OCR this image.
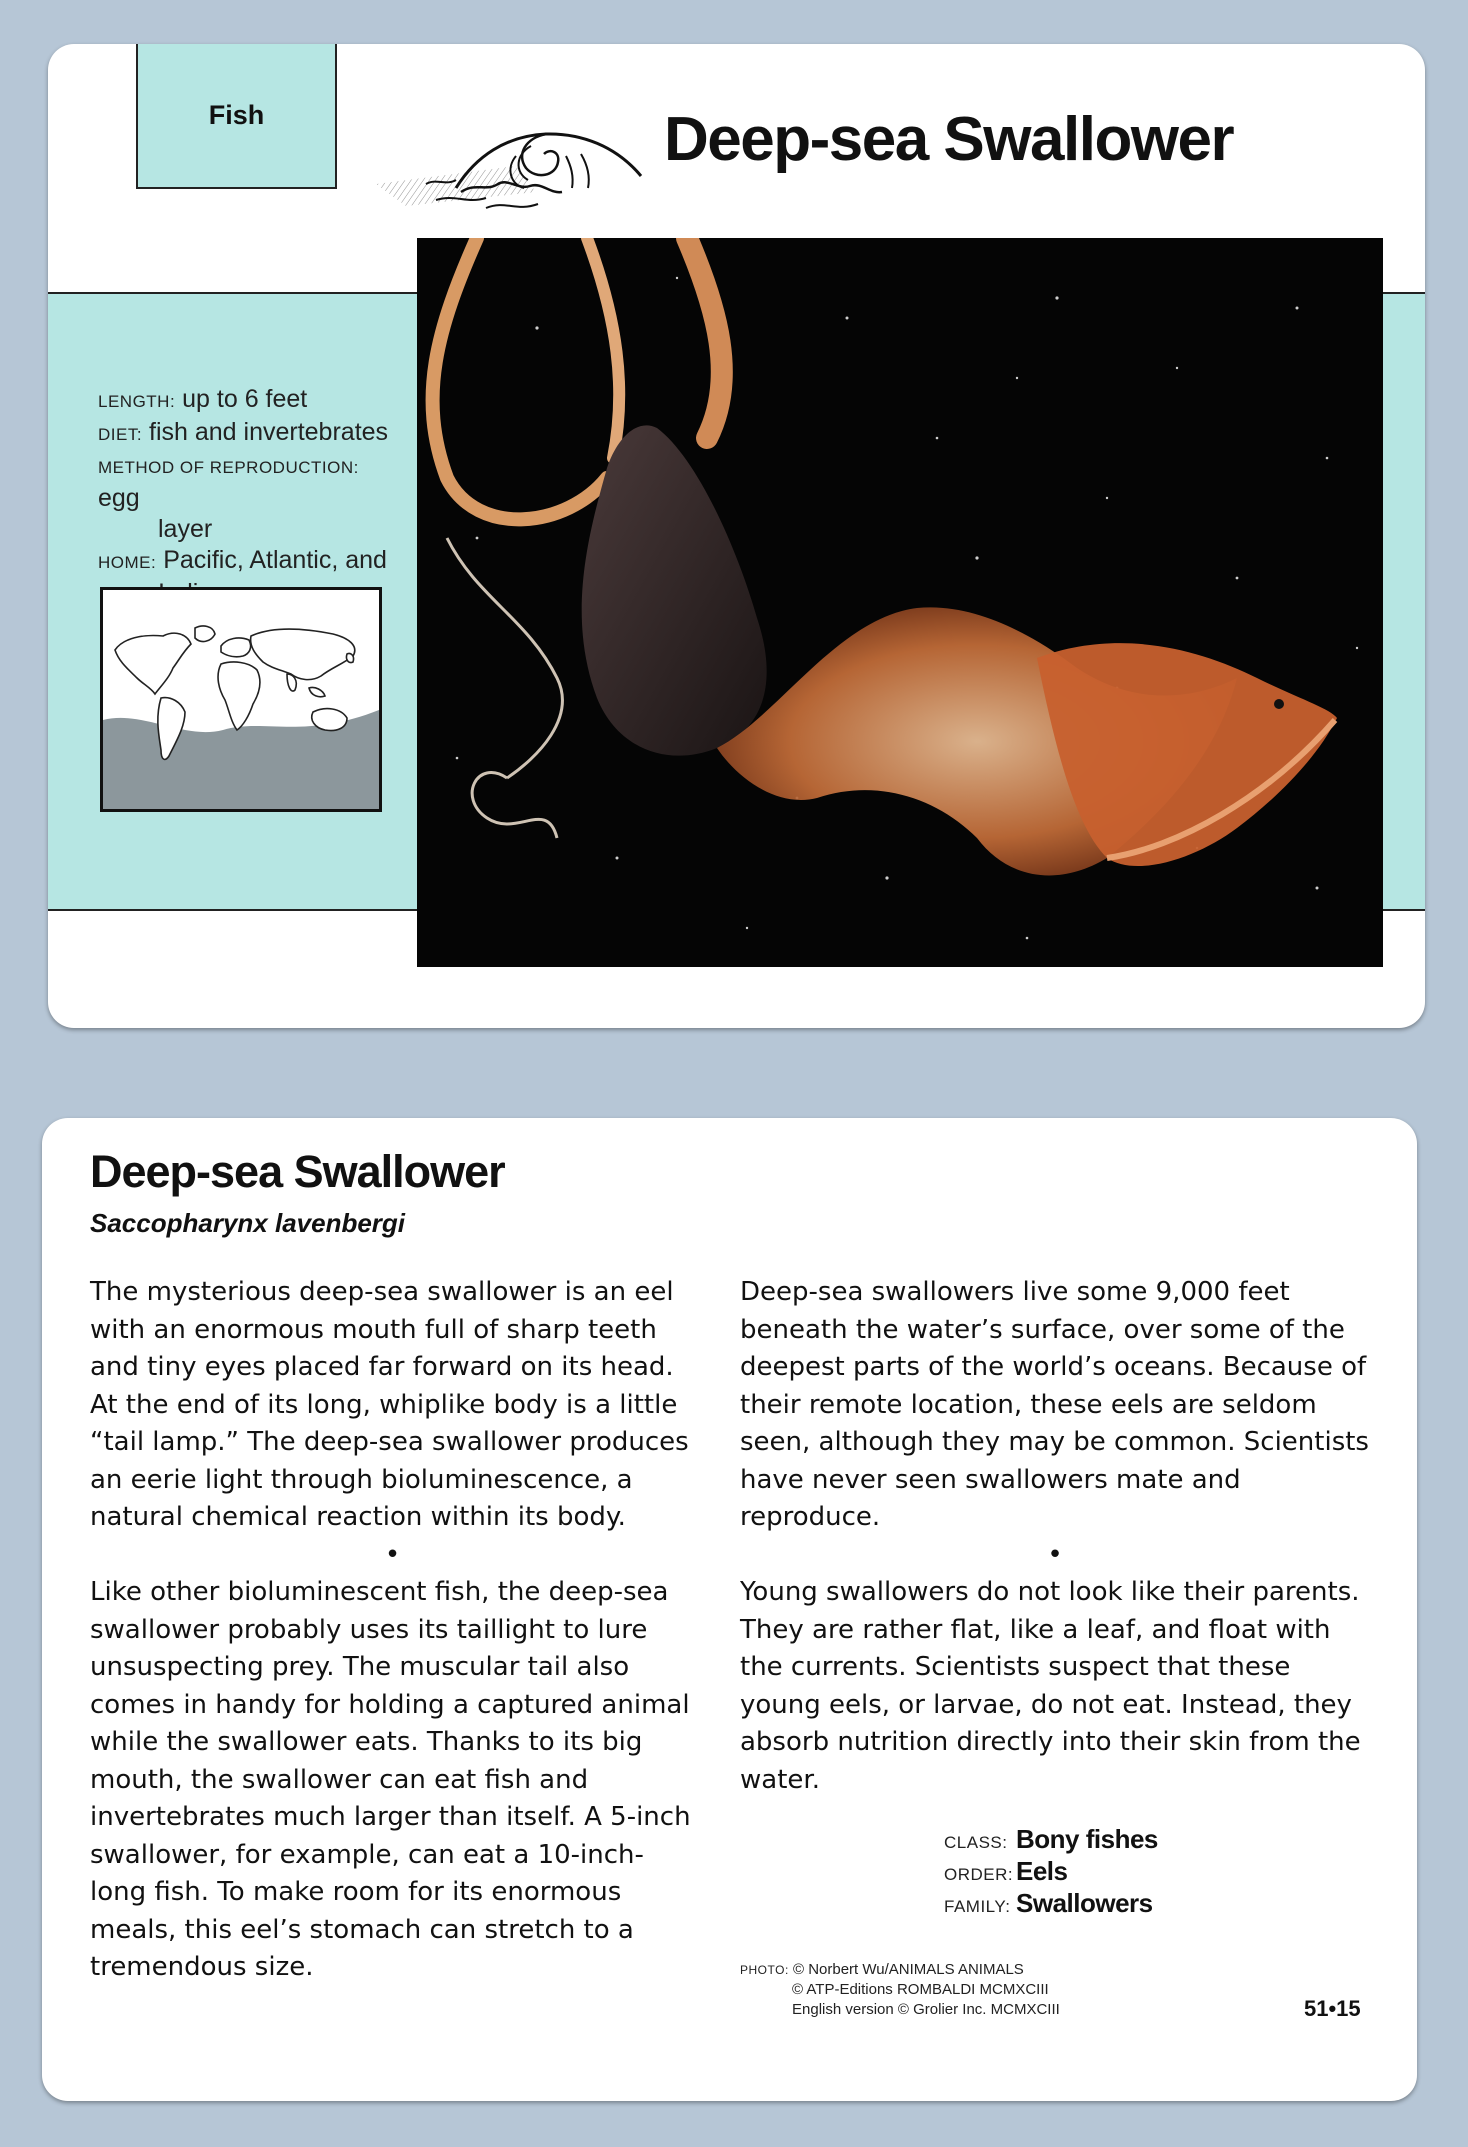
Fish	Deep-sea Swallower

LENGTH: up to 6 feet

DIET: fish and invertebrates

METHOD OF REPRODUCTION: egg
layer

HOME: Pacific, Atlantic, and

Deep-sea Swallower
Saccopharynx lavenbergi

The mysterious deep-sea swallower is an eel with an enormous mouth full of sharp teeth and tiny eyes placed far forward on its head. At the end of its long, whiplike body is a little “tail lamp.” The deep-sea swallower produces an eerie light through bioluminescence, a natural chemical reaction within its body.

•

Like other bioluminescent fish, the deep-sea swallower probably uses its taillight to lure unsuspecting prey. The muscular tail also comes in handy for holding a captured animal while the swallower eats. Thanks to its big mouth, the swallower can eat fish and invertebrates much larger than itself. A 5-inch swallower, for example, can eat a 10-inch-long fish. To make room for its enormous meals, this eel’s stomach can stretch to a tremendous size.

Deep-sea swallowers live some 9,000 feet beneath the water’s surface, over some of the deepest parts of the world’s oceans. Because of their remote location, these eels are seldom seen, although they may be common. Scientists have never seen swallowers mate and reproduce.

•

Young swallowers do not look like their parents. They are rather flat, like a leaf, and float with the currents. Scientists suspect that these young eels, or larvae, do not eat. Instead, they absorb nutrition directly into their skin from the water.

CLASS: Bony fishes
ORDER: Eels
FAMILY: Swallowers
PHOTO: © Norbert Wu/ANIMALS ANIMALS
© ATP-Editions ROMBALDI MCMXCIII
English version © Grolier Inc. MCMXCIII	51•15
